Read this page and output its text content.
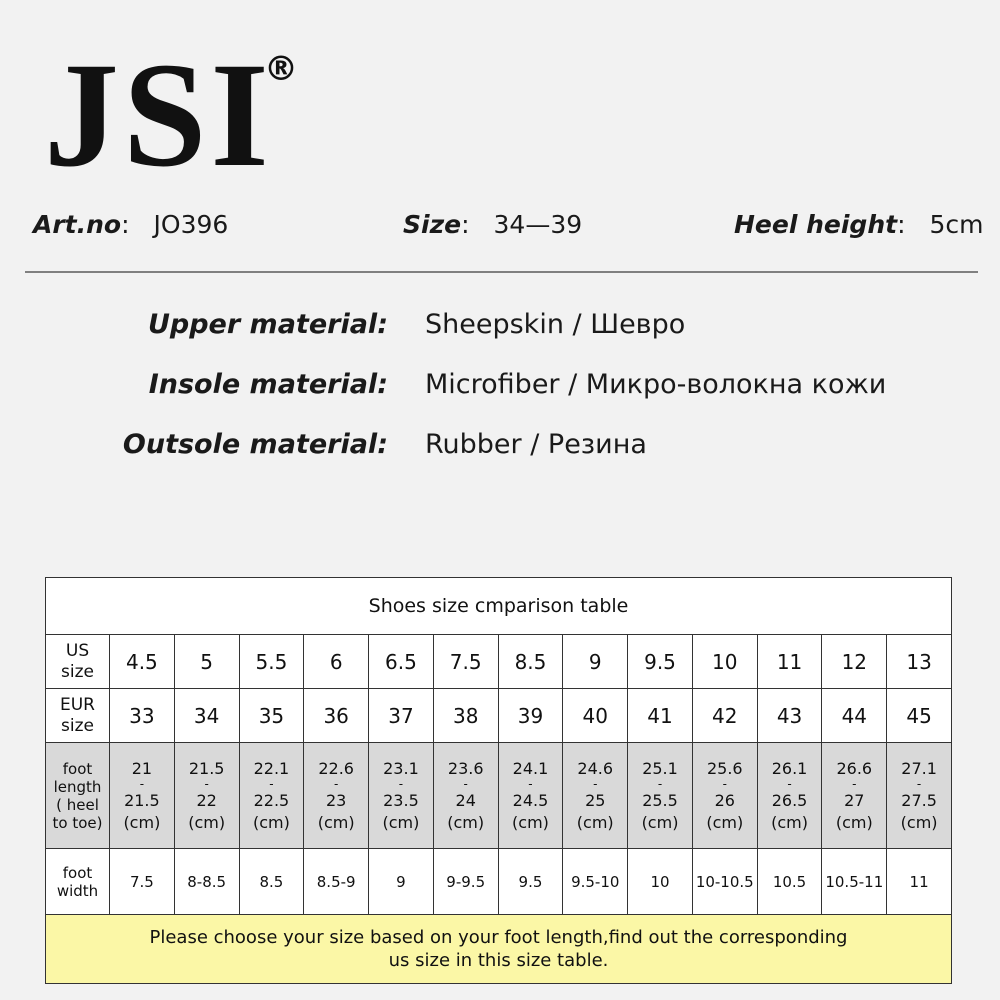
JSI
®
Art.no: JO396	Size: 34—39	Heel height: 5cm
Upper material: Sheepskin / Шевро
Insole material: Microfiber / Микро-волокна кожи
Outsole material: Rubber / Резина
Shoes size cmparison table													
US
size	4.5	5	5.5	6	6.5	7.5	8.5	9	9.5	10	11	12	13
EUR
size	33	34	35	36	37	38	39	40	41	42	43	44	45
foot
length
( heel
to toe)	21
-
21.5
(cm)	21.5
-
22
(cm)	22.1
-
22.5
(cm)	22.6
-
23
(cm)	23.1
-
23.5
(cm)	23.6
-
24
(cm)	24.1
-
24.5
(cm)	24.6
-
25
(cm)	25.1
-
25.5
(cm)	25.6
-
26
(cm)	26.1
-
26.5
(cm)	26.6
-
27
(cm)	27.1
-
27.5
(cm)
foot
width	7.5	8-8.5	8.5	8.5-9	9	9-9.5	9.5	9.5-10	10	10-10.5	10.5	10.5-11	11
Please choose your size based on your foot length,find out the corresponding
us size in this size table.													
